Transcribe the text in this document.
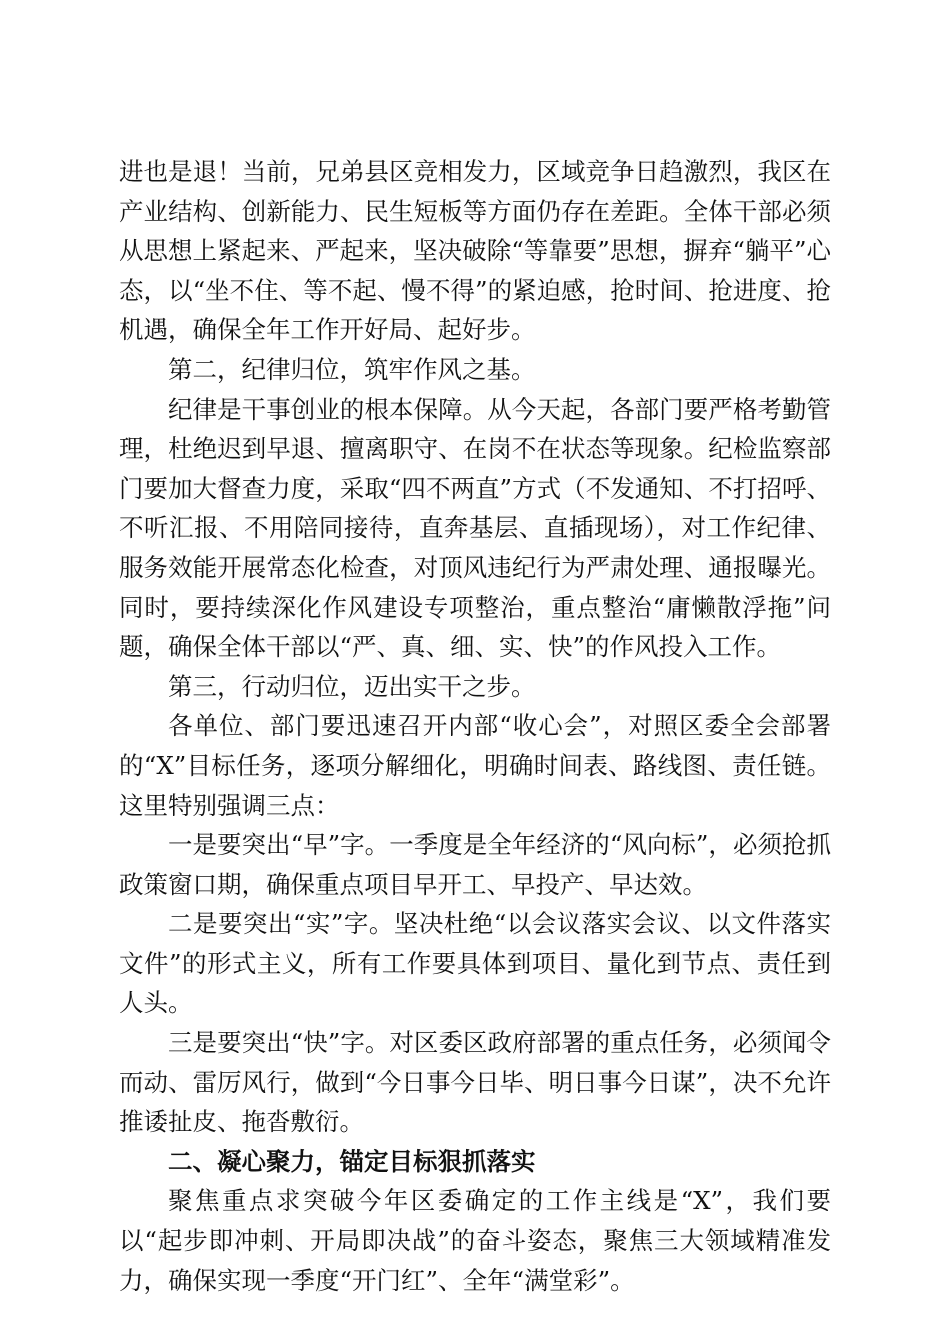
进也是退！当前，兄弟县区竞相发力，区域竞争日趋激烈，我区在产业结构、创新能力、民生短板等方面仍存在差距。全体干部必须从思想上紧起来、严起来，坚决破除“等靠要”思想，摒弃“躺平”心态，以“坐不住、等不起、慢不得”的紧迫感，抢时间、抢进度、抢机遇，确保全年工作开好局、起好步。

第二，纪律归位，筑牢作风之基。

纪律是干事创业的根本保障。从今天起，各部门要严格考勤管理，杜绝迟到早退、擅离职守、在岗不在状态等现象。纪检监察部门要加大督查力度，采取“四不两直”方式（不发通知、不打招呼、不听汇报、不用陪同接待，直奔基层、直插现场），对工作纪律、服务效能开展常态化检查，对顶风违纪行为严肃处理、通报曝光。同时，要持续深化作风建设专项整治，重点整治“庸懒散浮拖”问题，确保全体干部以“严、真、细、实、快”的作风投入工作。

第三，行动归位，迈出实干之步。

各单位、部门要迅速召开内部“收心会”，对照区委全会部署的“X”目标任务，逐项分解细化，明确时间表、路线图、责任链。这里特别强调三点：

一是要突出“早”字。一季度是全年经济的“风向标”，必须抢抓政策窗口期，确保重点项目早开工、早投产、早达效。

二是要突出“实”字。坚决杜绝“以会议落实会议、以文件落实文件”的形式主义，所有工作要具体到项目、量化到节点、责任到人头。

三是要突出“快”字。对区委区政府部署的重点任务，必须闻令而动、雷厉风行，做到“今日事今日毕、明日事今日谋”，决不允许推诿扯皮、拖沓敷衍。

二、凝心聚力，锚定目标狠抓落实

聚焦重点求突破今年区委确定的工作主线是“X”，我们要以“起步即冲刺、开局即决战”的奋斗姿态，聚焦三大领域精准发力，确保实现一季度“开门红”、全年“满堂彩”。
